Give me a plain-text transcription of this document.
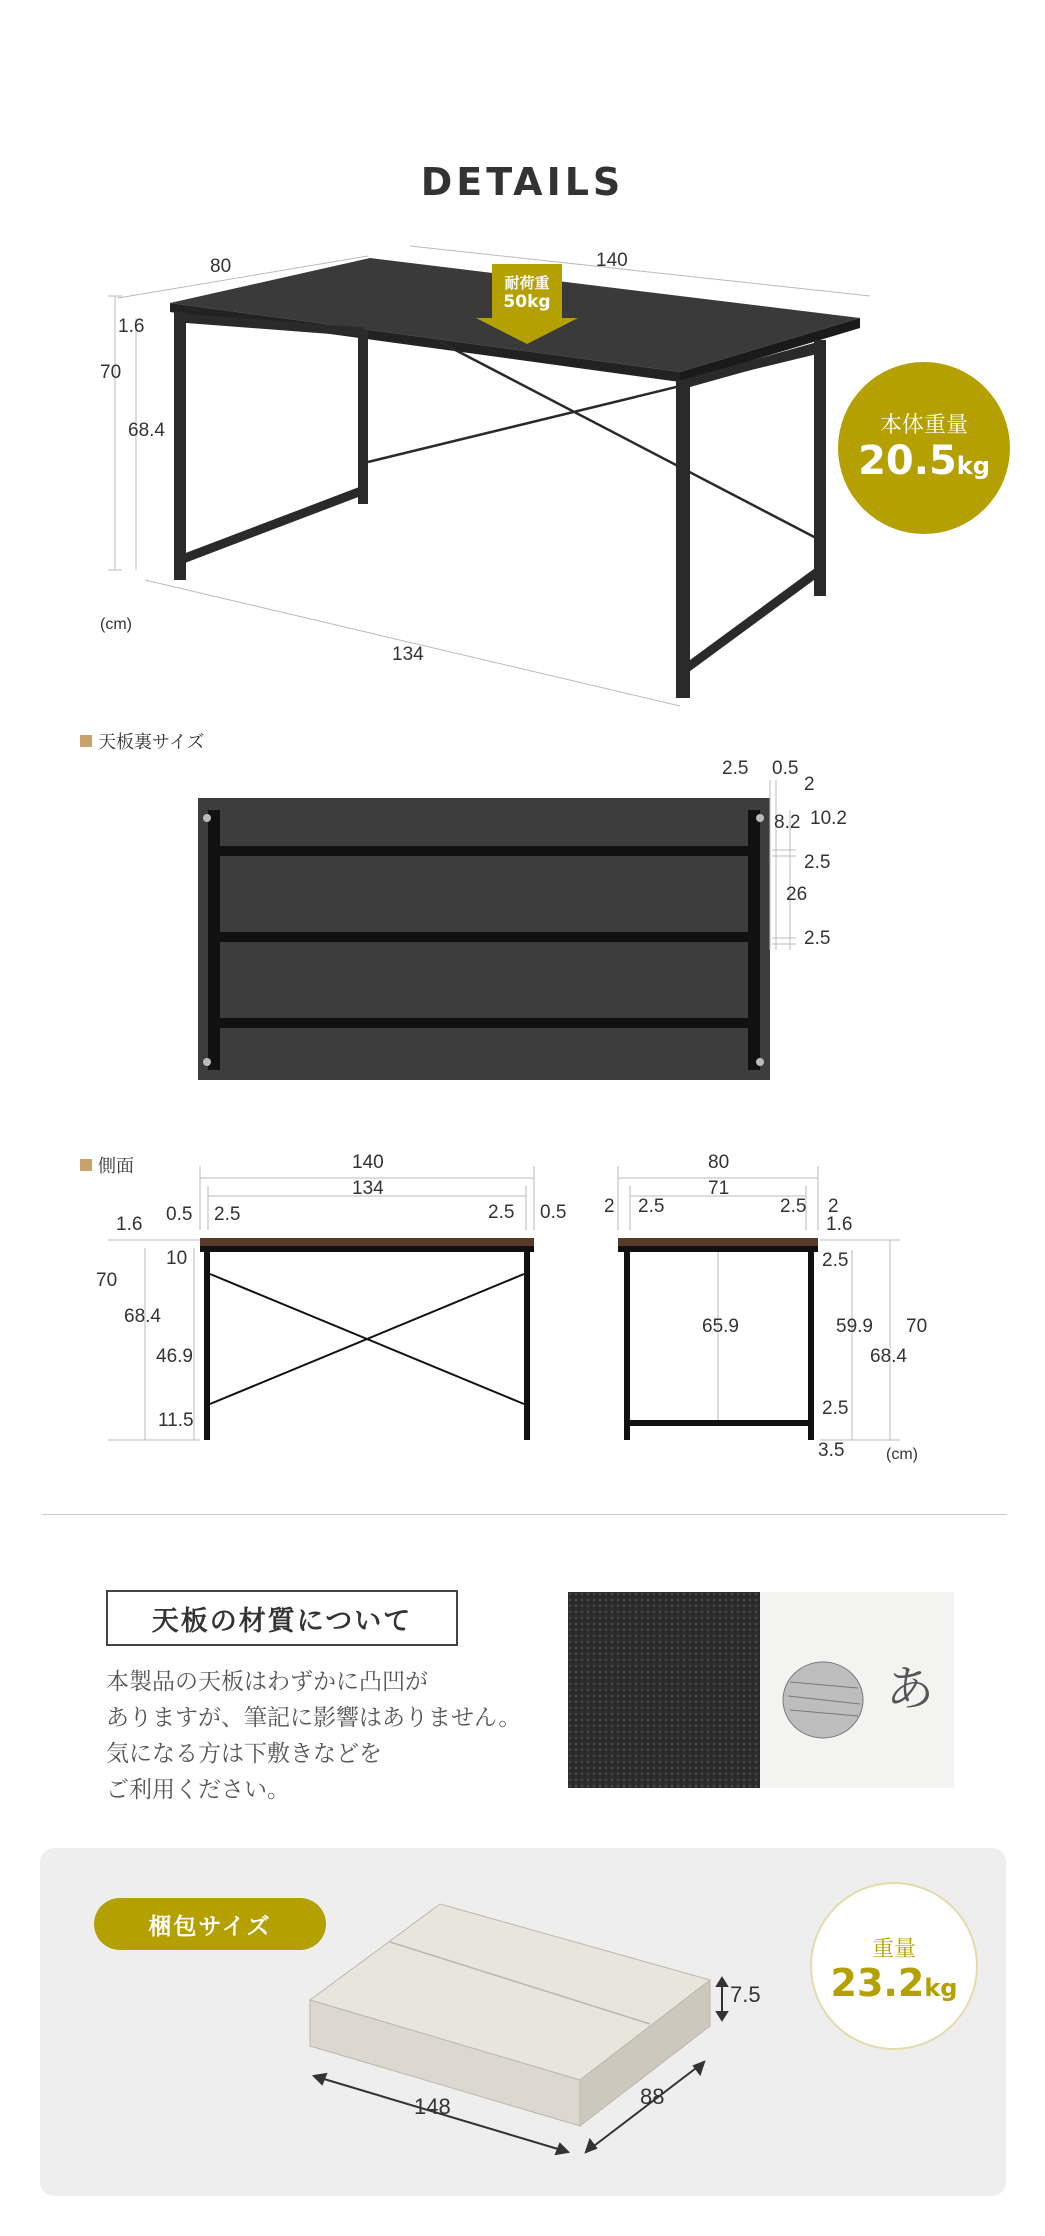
DETAILS
80	140
1.6
70
68.4
(cm)
134
耐荷重
50kg
本体重量
20.5kg
天板裏サイズ
2.5 0.5
2
8.2 10.2
2.5
26
2.5
側面	140
134
0.5 2.5	2.5 0.5
1.6
70
10
68.4
46.9
11.5
80
71
2 2.5	2.5 2
1.6
2.5
65.9	59.9
68.4
70
2.5
3.5	(cm)
天板の材質について
本製品の天板はわずかに凸凹が
ありますが、筆記に影響はありません。
気になる方は下敷きなどを
ご利用ください。
あ
梱包サイズ
148	88
7.5
重量
23.2kg
